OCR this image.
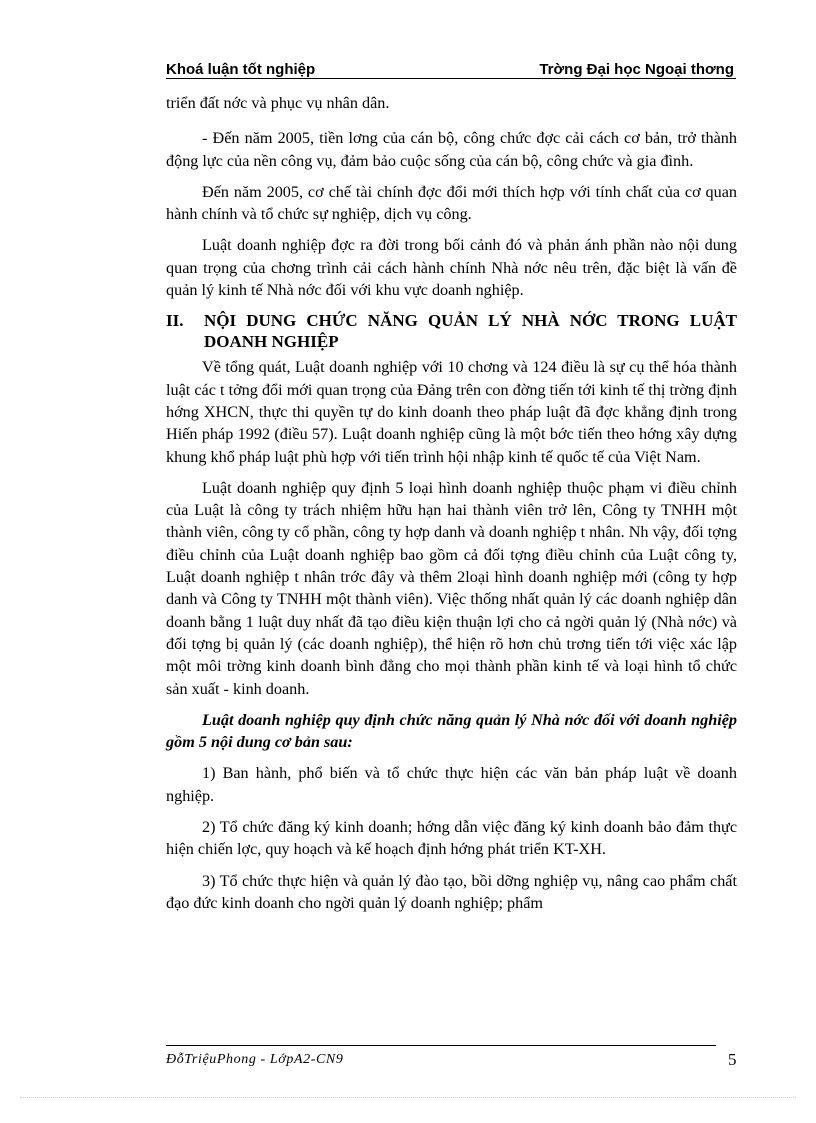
Khoá luận tốt nghiệp	Trờng Đại học Ngoại thơng

triển đất nớc và phục vụ nhân dân.

- Đến năm 2005, tiền lơng của cán bộ, công chức đợc cải cách cơ bản, trở thành động lực của nền công vụ, đảm bảo cuộc sống của cán bộ, công chức và gia đình.

Đến năm 2005, cơ chế tài chính đợc đổi mới thích hợp với tính chất của cơ quan hành chính và tổ chức sự nghiệp, dịch vụ công.

Luật doanh nghiệp đợc ra đời trong bối cảnh đó và phản ánh phần nào nội dung quan trọng của chơng trình cải cách hành chính Nhà nớc nêu trên, đặc biệt là vấn đề quản lý kinh tế Nhà nớc đối với khu vực doanh nghiệp.

II.	NỘI DUNG CHỨC NĂNG QUẢN LÝ NHÀ NỚC TRONG LUẬT DOANH NGHIỆP

Về tổng quát, Luật doanh nghiệp với 10 chơng và 124 điều là sự cụ thể hóa thành luật các t tởng đổi mới quan trọng của Đảng trên con đờng tiến tới kinh tế thị trờng định hớng XHCN, thực thi quyền tự do kinh doanh theo pháp luật đã đợc khẳng định trong Hiến pháp 1992 (điều 57). Luật doanh nghiệp cũng là một bớc tiến theo hớng xây dựng khung khổ pháp luật phù hợp với tiến trình hội nhập kinh tế quốc tế của Việt Nam.

Luật doanh nghiệp quy định 5 loại hình doanh nghiệp thuộc phạm vi điều chỉnh của Luật là công ty trách nhiệm hữu hạn hai thành viên trở lên, Công ty TNHH một thành viên, công ty cổ phần, công ty hợp danh và doanh nghiệp t nhân. Nh vậy, đối tợng điều chỉnh của Luật doanh nghiệp bao gồm cả đối tợng điều chỉnh của Luật công ty, Luật doanh nghiệp t nhân trớc đây và thêm 2loại hình doanh nghiệp mới (công ty hợp danh và Công ty TNHH một thành viên). Việc thống nhất quản lý các doanh nghiệp dân doanh bằng 1 luật duy nhất đã tạo điều kiện thuận lợi cho cả ngời quản lý (Nhà nớc) và đối tợng bị quản lý (các doanh nghiệp), thể hiện rõ hơn chủ trơng tiến tới việc xác lập một môi trờng kinh doanh bình đẳng cho mọi thành phần kinh tế và loại hình tổ chức sản xuất - kinh doanh.

Luật doanh nghiệp quy định chức năng quản lý Nhà nớc đối với doanh nghiệp gồm 5 nội dung cơ bản sau:

1) Ban hành, phổ biến và tổ chức thực hiện các văn bản pháp luật về doanh nghiệp.

2) Tổ chức đăng ký kinh doanh; hớng dẫn việc đăng ký kinh doanh bảo đảm thực hiện chiến lợc, quy hoạch và kế hoạch định hớng phát triển KT-XH.

3) Tổ chức thực hiện và quản lý đào tạo, bồi dỡng nghiệp vụ, nâng cao phẩm chất đạo đức kinh doanh cho ngời quản lý doanh nghiệp; phẩm

ĐỗTriệuPhong - LớpA2-CN9	5
